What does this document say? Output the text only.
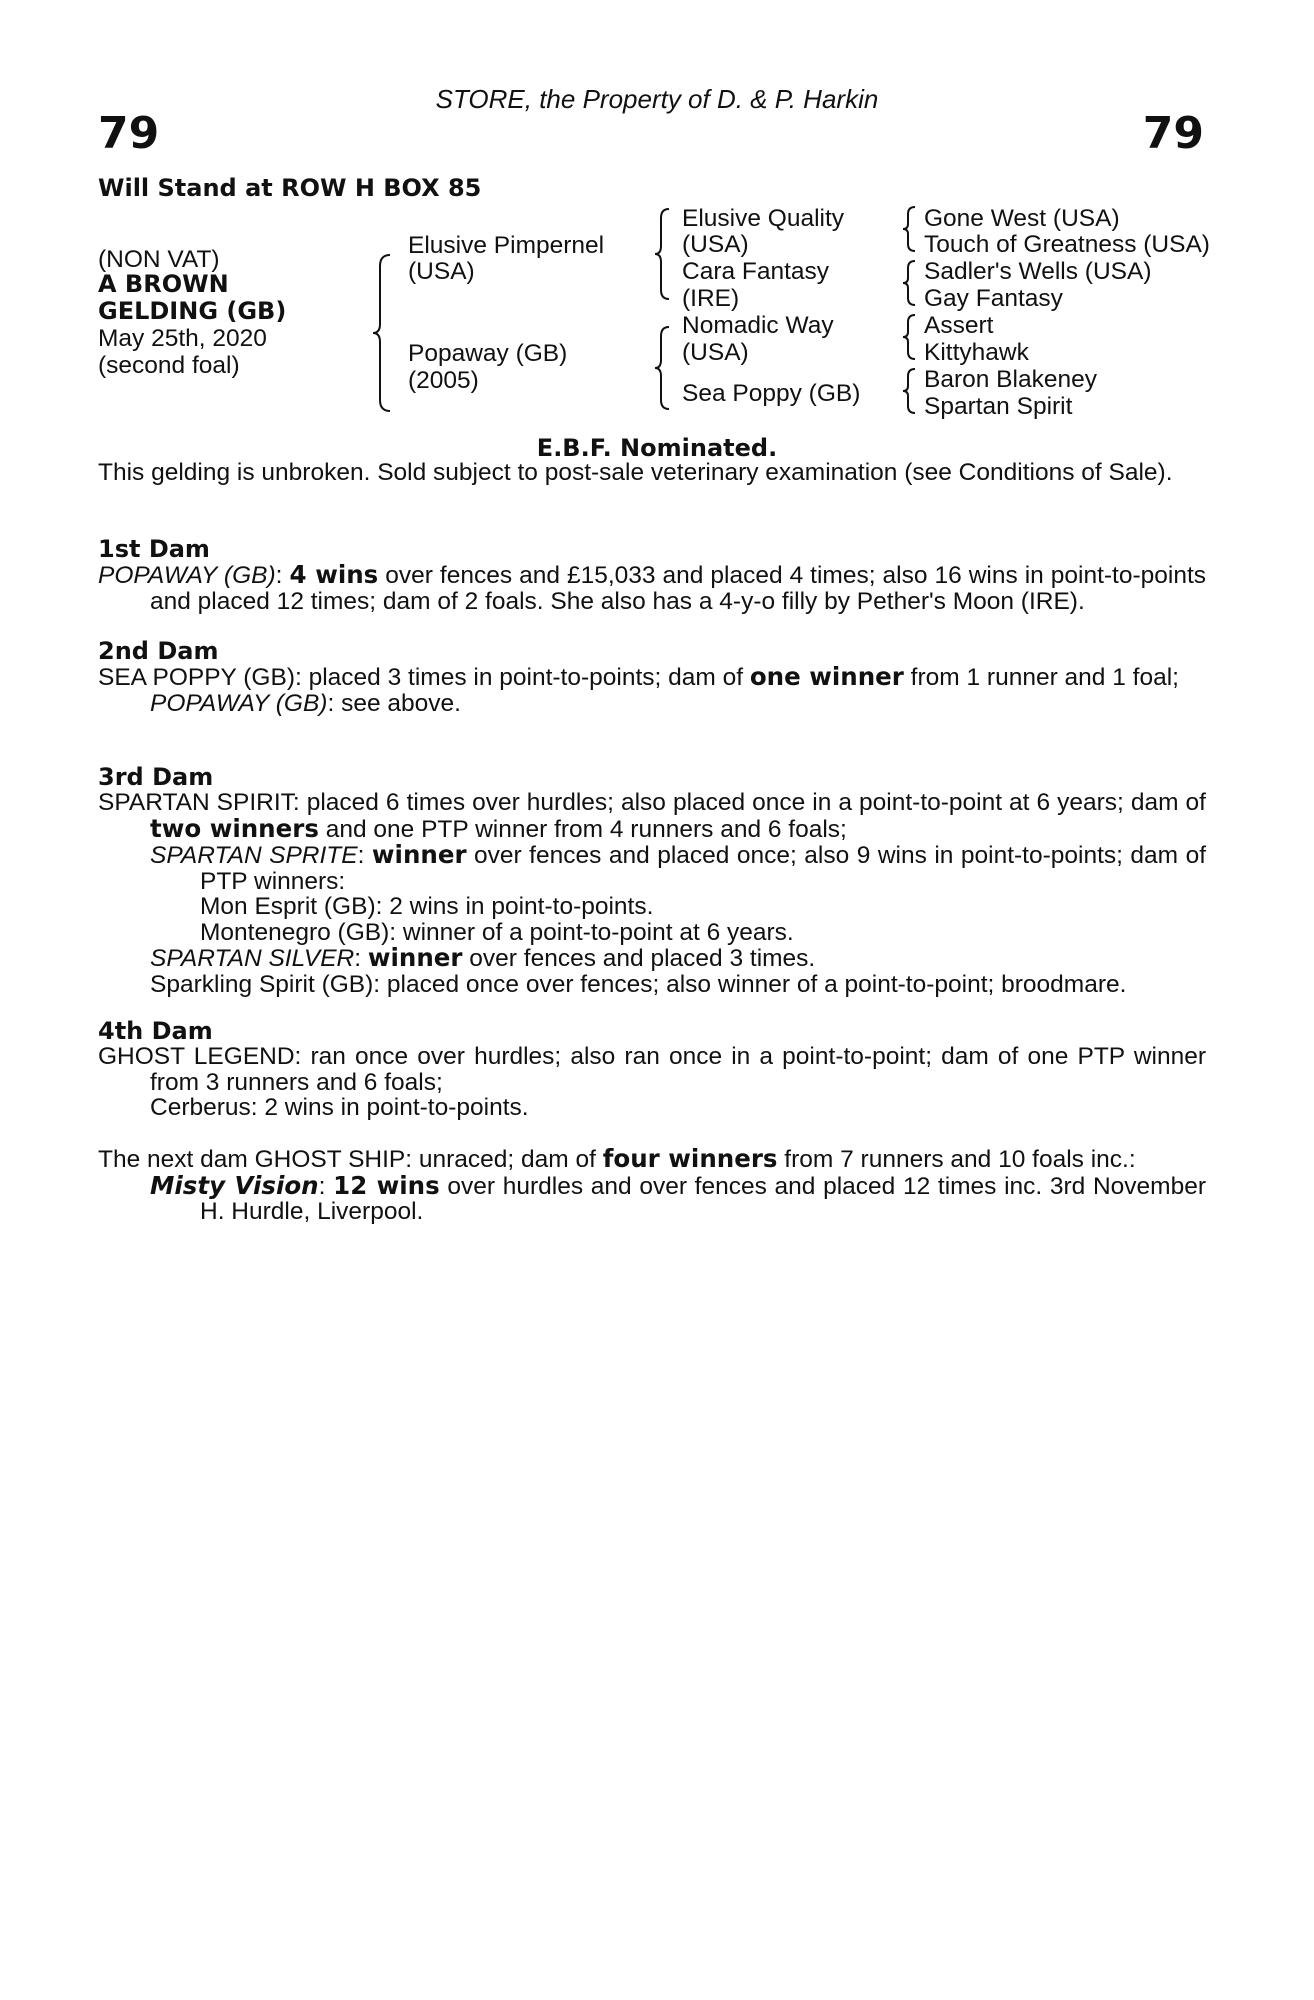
STORE, the Property of D. & P. Harkin
79	79
Will Stand at ROW H BOX 85
(NON VAT)
A BROWN
GELDING (GB)
May 25th, 2020
(second foal)
Elusive Pimpernel
(USA)
Popaway (GB)
(2005)
Elusive Quality
(USA)
Cara Fantasy
(IRE)
Nomadic Way
(USA)
Sea Poppy (GB)
Gone West (USA)
Touch of Greatness (USA)
Sadler's Wells (USA)
Gay Fantasy
Assert
Kittyhawk
Baron Blakeney
Spartan Spirit
E.B.F. Nominated.

This gelding is unbroken. Sold subject to post-sale veterinary examination (see Conditions of Sale).

1st Dam

POPAWAY (GB): 4 wins over fences and £15,033 and placed 4 times; also 16 wins in point-to-points and placed 12 times; dam of 2 foals. She also has a 4-y-o filly by Pether's Moon (IRE).

2nd Dam

SEA POPPY (GB): placed 3 times in point-to-points; dam of one winner from 1 runner and 1 foal;

POPAWAY (GB): see above.

3rd Dam

SPARTAN SPIRIT: placed 6 times over hurdles; also placed once in a point-to-point at 6 years; dam of two winners and one PTP winner from 4 runners and 6 foals;

SPARTAN SPRITE: winner over fences and placed once; also 9 wins in point-to-points; dam of PTP winners:

Mon Esprit (GB): 2 wins in point-to-points.

Montenegro (GB): winner of a point-to-point at 6 years.

SPARTAN SILVER: winner over fences and placed 3 times.

Sparkling Spirit (GB): placed once over fences; also winner of a point-to-point; broodmare.

4th Dam

GHOST LEGEND: ran once over hurdles; also ran once in a point-to-point; dam of one PTP winner from 3 runners and 6 foals;

Cerberus: 2 wins in point-to-points.

The next dam GHOST SHIP: unraced; dam of four winners from 7 runners and 10 foals inc.:

Misty Vision: 12 wins over hurdles and over fences and placed 12 times inc. 3rd November H. Hurdle, Liverpool.
